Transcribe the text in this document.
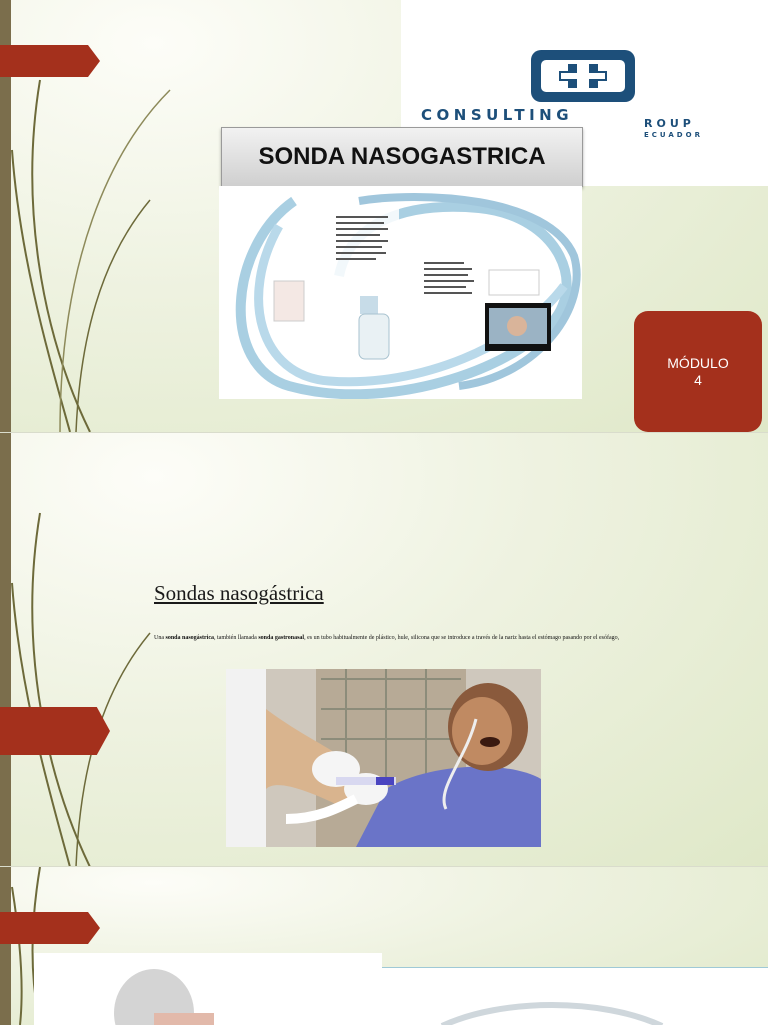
CONSULTING	ROUP
ECUADOR
SONDA NASOGASTRICA
MÓDULO
4
Sondas nasogástrica
Una sonda nasogástrica, también llamada sonda gastronasal, es un tubo habitualmente de plástico, hule, silicona que se introduce a través de la nariz hasta el estómago pasando por el esófago,
